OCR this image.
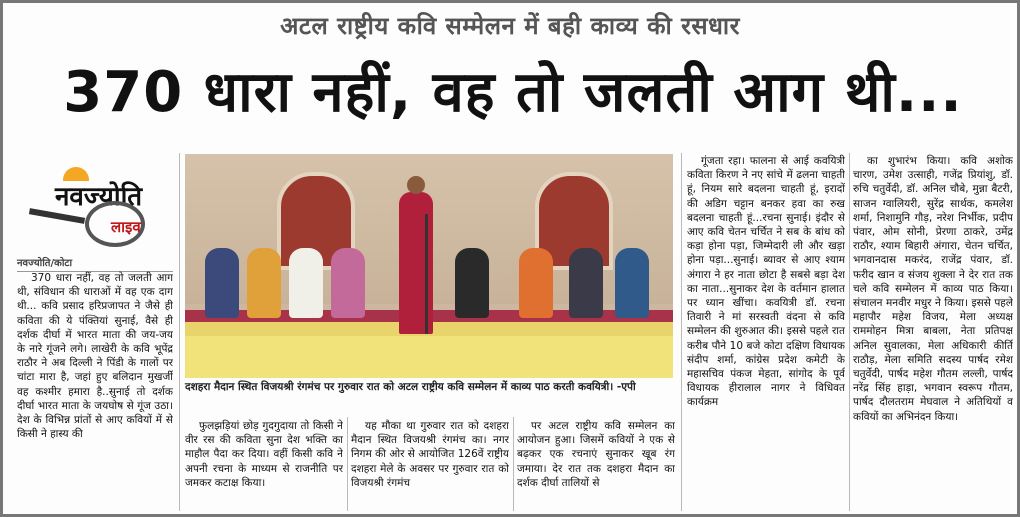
अटल राष्ट्रीय कवि सम्मेलन में बही काव्य की रसधार
370 धारा नहीं, वह तो जलती आग थी...
नवज्योति
लाइव
नवज्योति/कोटा

370 धारा नहीं, वह तो जलती आग थी, संविधान की धाराओं में वह एक दाग थी... कवि प्रसाद हरिप्रजापत ने जैसे ही कविता की ये पंक्तियां सुनाई, वैसे ही दर्शक दीर्घा में भारत माता की जय-जय के नारे गूंजने लगे। लाखेरी के कवि भूपेंद्र राठौर ने अब दिल्ली ने पिंडी के गालों पर चांटा मारा है, जहां हुए बलिदान मुखर्जी वह कश्मीर हमारा है..सुनाई तो दर्शक दीर्घा भारत माता के जयघोष से गूंज उठा। देश के विभिन्न प्रांतों से आए कवियों में से किसी ने हास्य की

दशहरा मैदान स्थित विजयश्री रंगमंच पर गुरुवार रात को अटल राष्ट्रीय कवि सम्मेलन में काव्य पाठ करती कवयित्री। -एपी

फुलझड़ियां छोड़ गुदगुदाया तो किसी ने वीर रस की कविता सुना देश भक्ति का माहौल पैदा कर दिया। वहीं किसी कवि ने अपनी रचना के माध्यम से राजनीति पर जमकर कटाक्ष किया।

यह मौका था गुरुवार रात को दशहरा मैदान स्थित विजयश्री रंगमंच का। नगर निगम की ओर से आयोजित 126वें राष्ट्रीय दशहरा मेले के अवसर पर गुरुवार रात को विजयश्री रंगमंच

पर अटल राष्ट्रीय कवि सम्मेलन का आयोजन हुआ। जिसमें कवियों ने एक से बढ़कर एक रचनाएं सुनाकर खूब रंग जमाया। देर रात तक दशहरा मैदान का दर्शक दीर्घा तालियों से

गूंजता रहा। फालना से आई कवयित्री कविता किरण ने नए सांचे में ढलना चाहती हूं, नियम सारे बदलना चाहती हूं, इरादों की अडिग चट्टान बनकर हवा का रुख बदलना चाहती हूं...रचना सुनाई। इंदौर से आए कवि चेतन चर्चित ने सब के बांध को कड़ा होना पड़ा, जिम्मेदारी ली और खड़ा होना पड़ा...सुनाई। ब्यावर से आए श्याम अंगारा ने हर नाता छोटा है सबसे बड़ा देश का नाता...सुनाकर देश के वर्तमान हालात पर ध्यान खींचा। कवयित्री डॉ. रचना तिवारी ने मां सरस्वती वंदना से कवि सम्मेलन की शुरुआत की। इससे पहले रात करीब पौने 10 बजे कोटा दक्षिण विधायक संदीप शर्मा, कांग्रेस प्रदेश कमेटी के महासचिव पंकज मेहता, सांगोद के पूर्व विधायक हीरालाल नागर ने विधिवत कार्यक्रम

का शुभारंभ किया। कवि अशोक चारण, उमेश उत्साही, गजेंद्र प्रियांशु, डॉ. रुचि चतुर्वेदी, डॉ. अनिल चौबे, मुन्ना बैटरी, साजन ग्वालियरी, सुरेंद्र सार्थक, कमलेश शर्मा, निशामुनि गौड़, नरेश निर्भीक, प्रदीप पंवार, ओम सोनी, प्रेरणा ठाकरे, उमेंद्र राठौर, श्याम बिहारी अंगारा, चेतन चर्चित, भगवानदास मकरंद, राजेंद्र पंवार, डॉ. फरीद खान व संजय शुक्ला ने देर रात तक चले कवि सम्मेलन में काव्य पाठ किया। संचालन मनवीर मधुर ने किया। इससे पहले महापौर महेश विजय, मेला अध्यक्ष राममोहन मित्रा बाबला, नेता प्रतिपक्ष अनिल सुवालका, मेला अधिकारी कीर्ति राठौड़, मेला समिति सदस्य पार्षद रमेश चतुर्वेदी, पार्षद महेश गौतम लल्ली, पार्षद नरेंद्र सिंह हाड़ा, भगवान स्वरूप गौतम, पार्षद दौलतराम मेघवाल ने अतिथियों व कवियों का अभिनंदन किया।
